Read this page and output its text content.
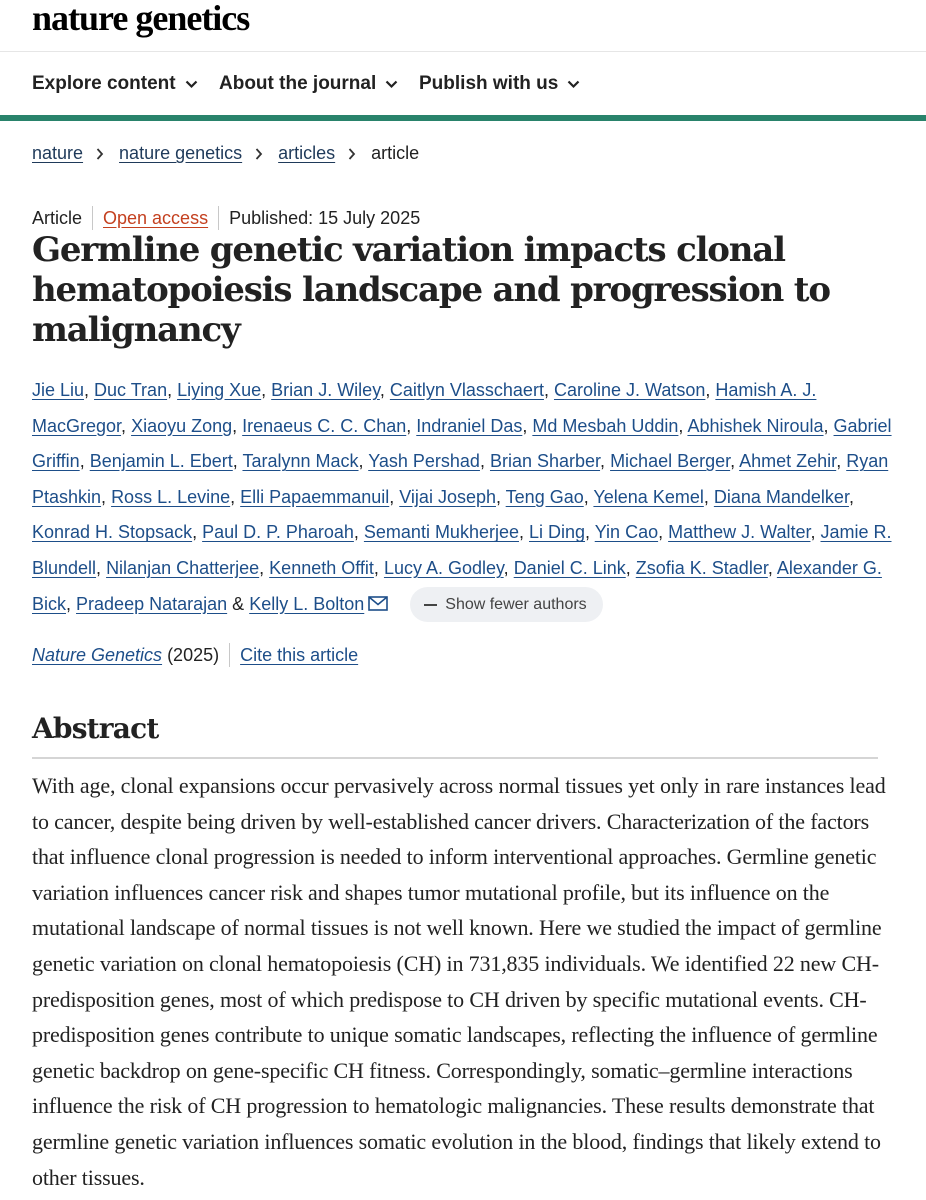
nature genetics
Explore content About the journal Publish with us
nature nature genetics articles article
Article Open access Published: 15 July 2025
Germline genetic variation impacts clonal hematopoiesis landscape and progression to malignancy
Jie Liu, Duc Tran, Liying Xue, Brian J. Wiley, Caitlyn Vlasschaert, Caroline J. Watson, Hamish A. J. MacGregor, Xiaoyu Zong, Irenaeus C. C. Chan, Indraniel Das, Md Mesbah Uddin, Abhishek Niroula, Gabriel Griffin, Benjamin L. Ebert, Taralynn Mack, Yash Pershad, Brian Sharber, Michael Berger, Ahmet Zehir, Ryan Ptashkin, Ross L. Levine, Elli Papaemmanuil, Vijai Joseph, Teng Gao, Yelena Kemel, Diana Mandelker, Konrad H. Stopsack, Paul D. P. Pharoah, Semanti Mukherjee, Li Ding, Yin Cao, Matthew J. Walter, Jamie R. Blundell, Nilanjan Chatterjee, Kenneth Offit, Lucy A. Godley, Daniel C. Link, Zsofia K. Stadler, Alexander G. Bick, Pradeep Natarajan & Kelly L. Bolton	Show fewer authors
Nature Genetics (2025) Cite this article
Abstract

With age, clonal expansions occur pervasively across normal tissues yet only in rare instances lead to cancer, despite being driven by well-established cancer drivers. Characterization of the factors that influence clonal progression is needed to inform interventional approaches. Germline genetic variation influences cancer risk and shapes tumor mutational profile, but its influence on the mutational landscape of normal tissues is not well known. Here we studied the impact of germline genetic variation on clonal hematopoiesis (CH) in 731,835 individuals. We identified 22 new CH-predisposition genes, most of which predispose to CH driven by specific mutational events. CH-predisposition genes contribute to unique somatic landscapes, reflecting the influence of germline genetic backdrop on gene-specific CH fitness. Correspondingly, somatic–germline interactions influence the risk of CH progression to hematologic malignancies. These results demonstrate that germline genetic variation influences somatic evolution in the blood, findings that likely extend to other tissues.
